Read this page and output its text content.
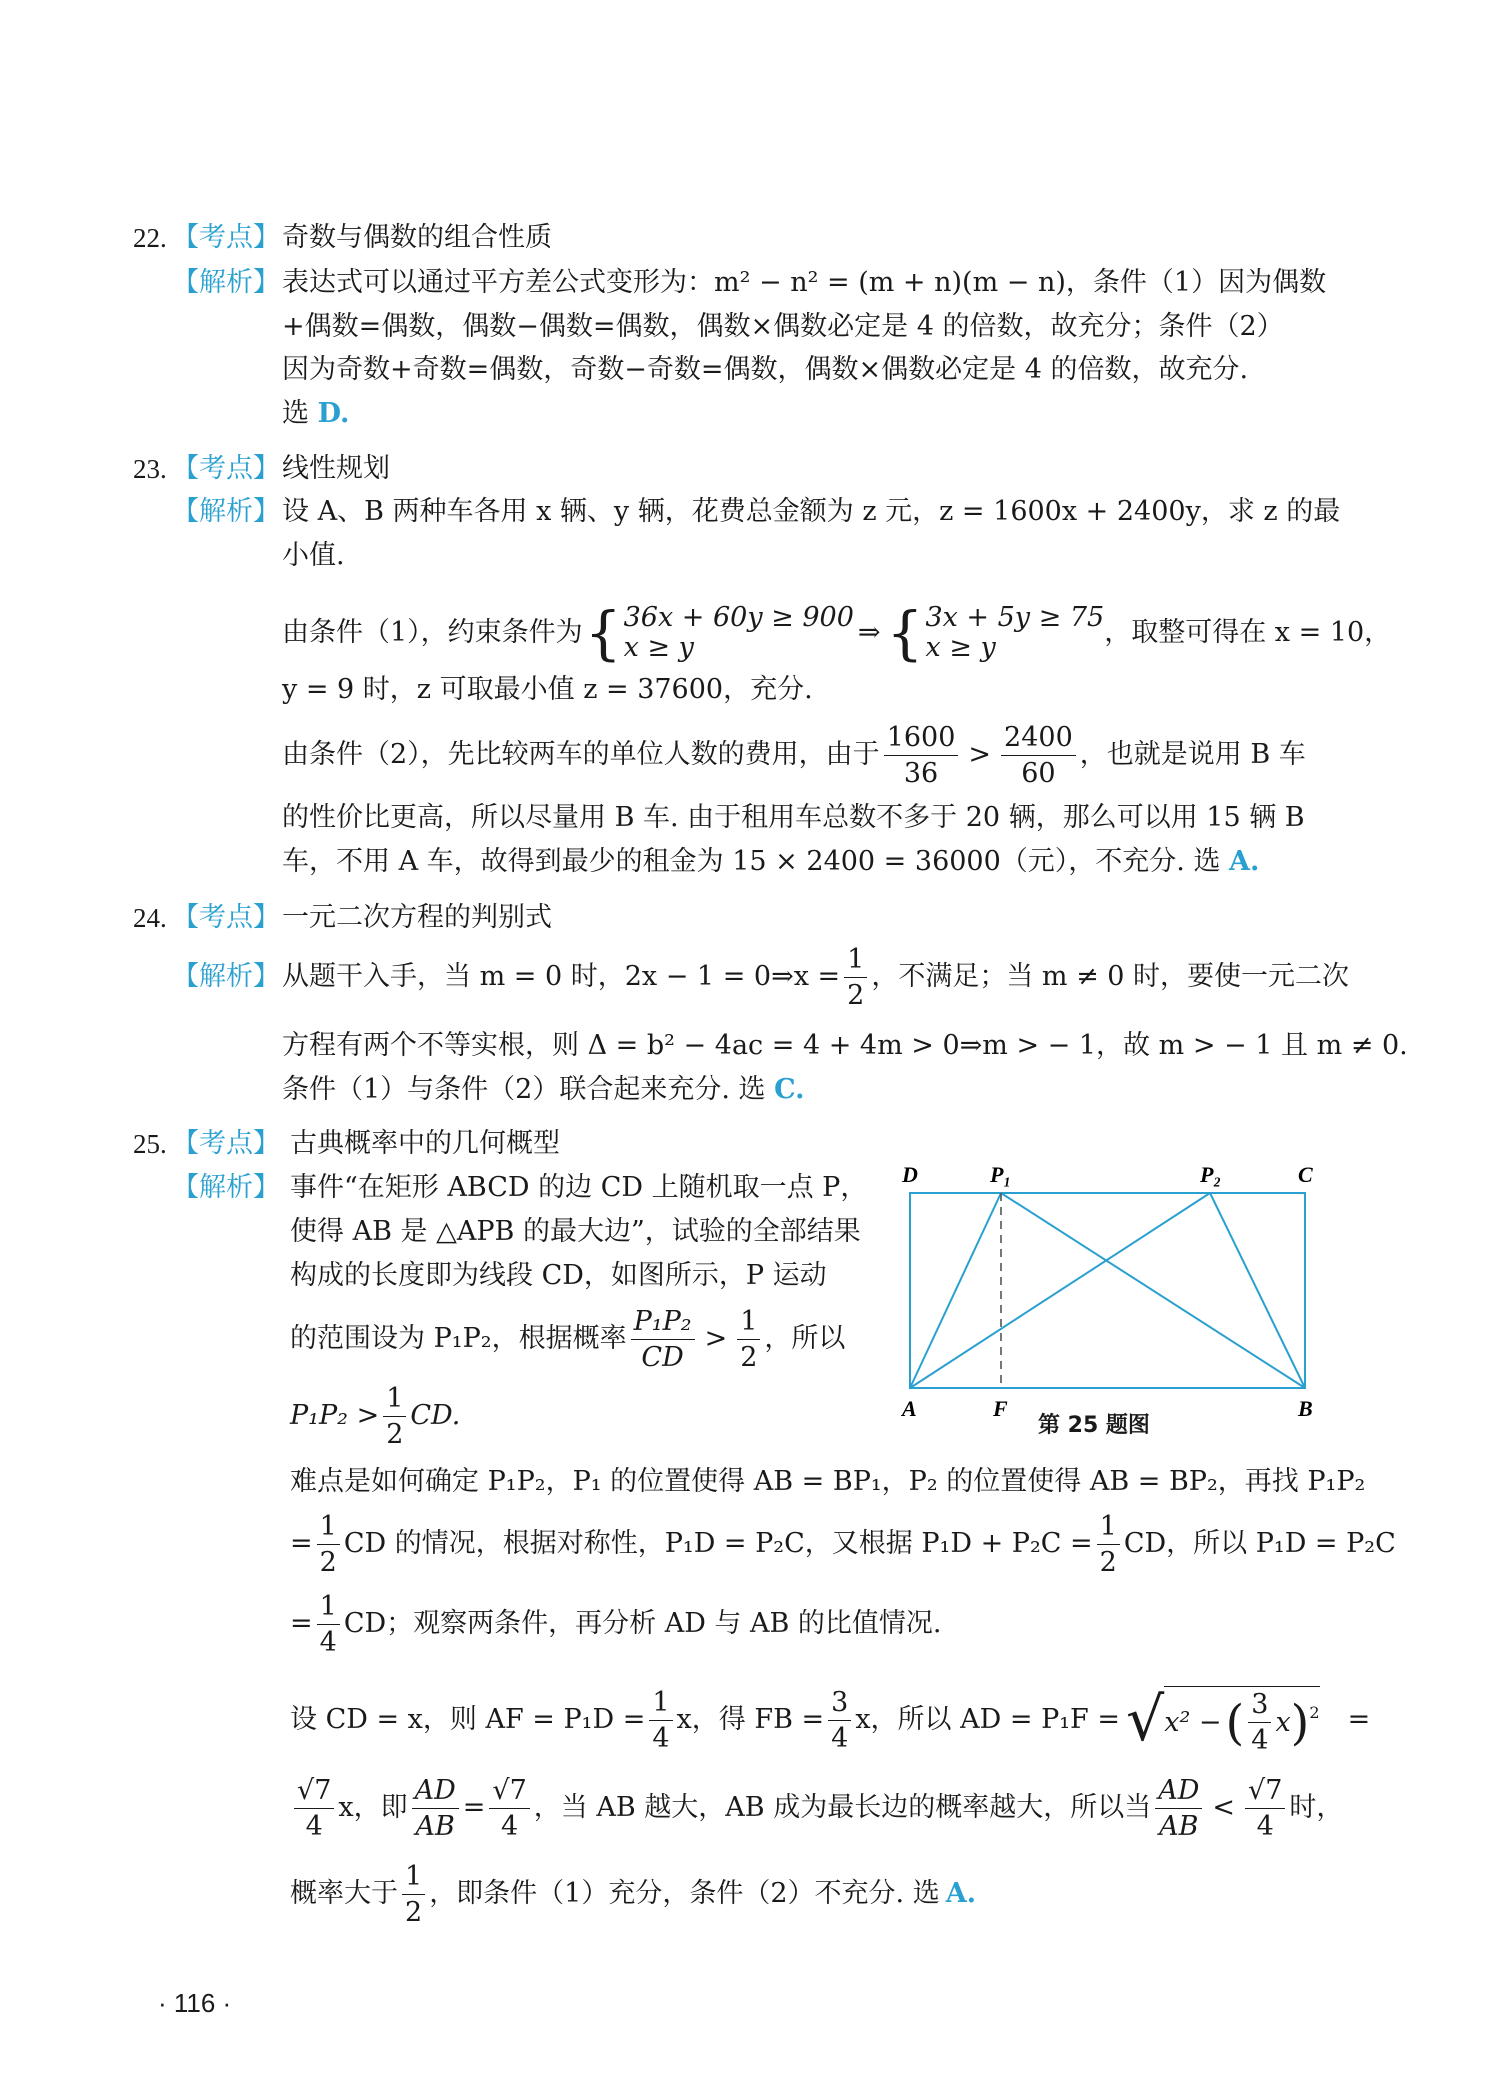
22. 【考点】 奇数与偶数的组合性质
【解析】 表达式可以通过平方差公式变形为：m² − n² = (m + n)(m − n)，条件（1）因为偶数
+偶数=偶数，偶数−偶数=偶数，偶数×偶数必定是 4 的倍数，故充分；条件（2）
因为奇数+奇数=偶数，奇数−奇数=偶数，偶数×偶数必定是 4 的倍数，故充分.
选 D.
23. 【考点】 线性规划
【解析】 设 A、B 两种车各用 x 辆、y 辆，花费总金额为 z 元，z = 1600x + 2400y，求 z 的最
小值.
由条件（1），约束条件为 { 36x + 60y ≥ 900
x ≥ y	⇒ { 3x + 5y ≥ 75
x ≥ y	，取整可得在 x = 10，
y = 9 时，z 可取最小值 z = 37600，充分.
由条件（2），先比较两车的单位人数的费用，由于 $\frac{1600}{36} > \frac{2400}{60}$ ，也就是说用 B 车
的性价比更高，所以尽量用 B 车. 由于租用车总数不多于 20 辆，那么可以用 15 辆 B
车，不用 A 车，故得到最少的租金为 15 × 2400 = 36000（元），不充分. 选 A.
24. 【考点】 一元二次方程的判别式
【解析】 从题干入手，当 m = 0 时，2x − 1 = 0⇒x = $\frac{1}{2}$ ，不满足；当 m ≠ 0 时，要使一元二次
方程有两个不等实根，则 Δ = b² − 4ac = 4 + 4m > 0⇒m > − 1，故 m > − 1 且 m ≠ 0.
条件（1）与条件（2）联合起来充分. 选 C.
25. 【考点】 古典概率中的几何概型
【解析】 事件“在矩形 ABCD 的边 CD 上随机取一点 P，
使得 AB 是 △APB 的最大边”，试验的全部结果
构成的长度即为线段 CD，如图所示，P 运动
的范围设为 P₁P₂，根据概率 $\frac{\text{P₁P₂}}{CD} > \frac{1}{2}$ ，所以
$P_1P_2 > \frac{1}{2}$ CD.
D	P₁	P₂	C
A	F	B
第 25 题图
难点是如何确定 P₁P₂，P₁ 的位置使得 AB = BP₁，P₂ 的位置使得 AB = BP₂，再找 P₁P₂
= $\frac{1}{2}$ CD 的情况，根据对称性，P₁D = P₂C，又根据 $P_1D + P_2C = \frac{1}{2}$ CD，所以 P₁D = P₂C
= $\frac{1}{4}$ CD；观察两条件，再分析 AD 与 AB 的比值情况.
设 CD = x，则 AF = $P_1D = \frac{1}{4}$ x，得 FB = $\frac{3}{4}$ x，所以 AD = P₁F = √ x² − ( $\frac{3}{4}$ x ) 2 =
$\frac{√7}{4}$ x，即 $\frac{AD}{AB} = \frac{√7}{4}$ ，当 AB 越大，AB 成为最长边的概率越大，所以当 $\frac{AD}{AB} < \frac{√7}{4}$ 时，
概率大于 $\frac{1}{2}$ ，即条件（1）充分，条件（2）不充分. 选 A.
· 116 ·
